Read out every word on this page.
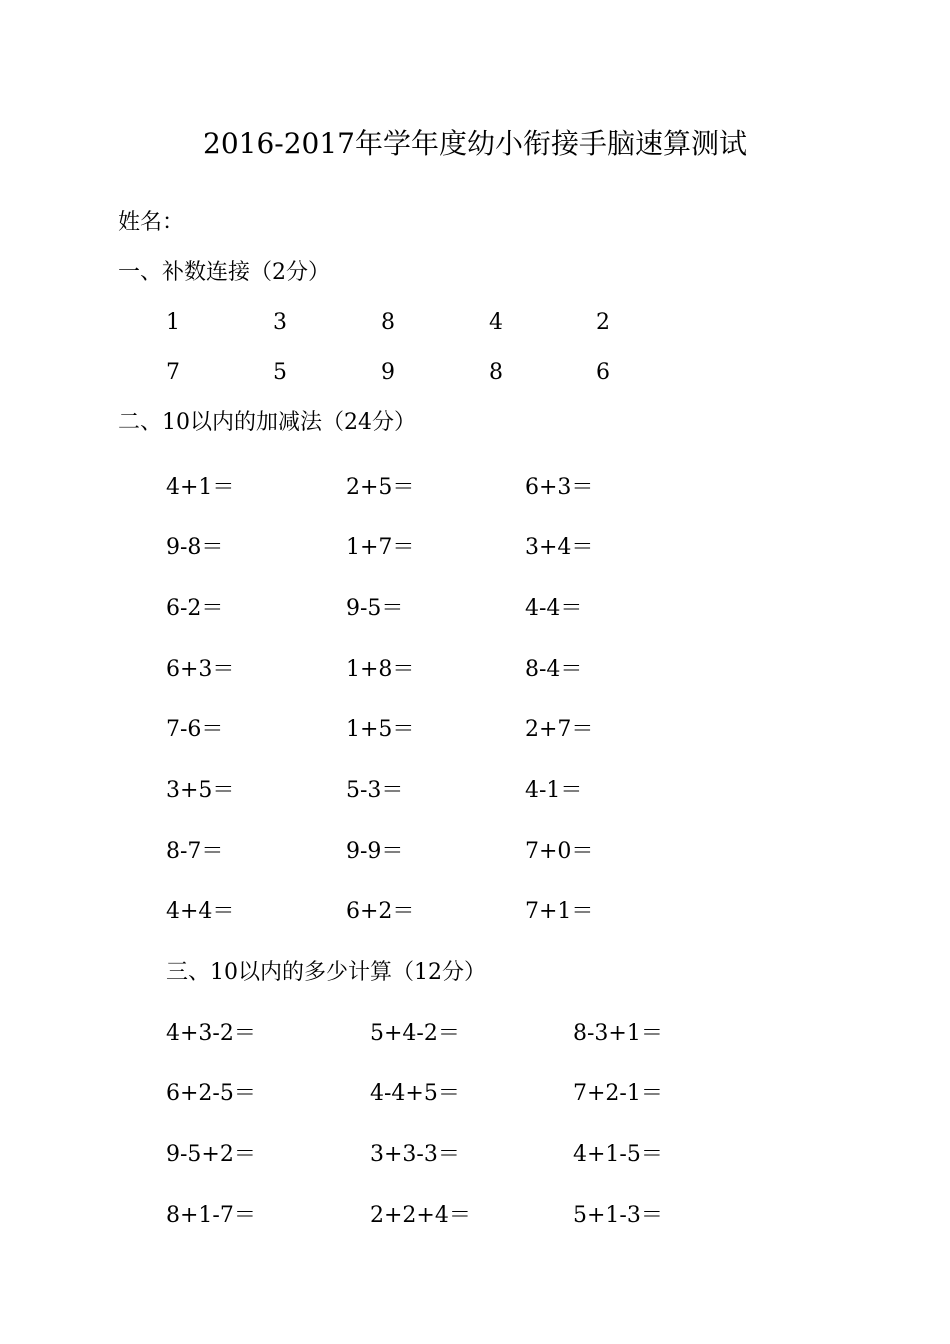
2016-2017年学年度幼小衔接手脑速算测试
姓名：
一、补数连接（2分）
1	3	8	4	2
7	5	9	8	6
二、10以内的加减法（24分）
4+1＝	2+5＝	6+3＝
9-8＝	1+7＝	3+4＝
6-2＝	9-5＝	4-4＝
6+3＝	1+8＝	8-4＝
7-6＝	1+5＝	2+7＝
3+5＝	5-3＝	4-1＝
8-7＝	9-9＝	7+0＝
4+4＝	6+2＝	7+1＝
三、10以内的多少计算（12分）
4+3-2＝	5+4-2＝	8-3+1＝
6+2-5＝	4-4+5＝	7+2-1＝
9-5+2＝	3+3-3＝	4+1-5＝
8+1-7＝	2+2+4＝	5+1-3＝
